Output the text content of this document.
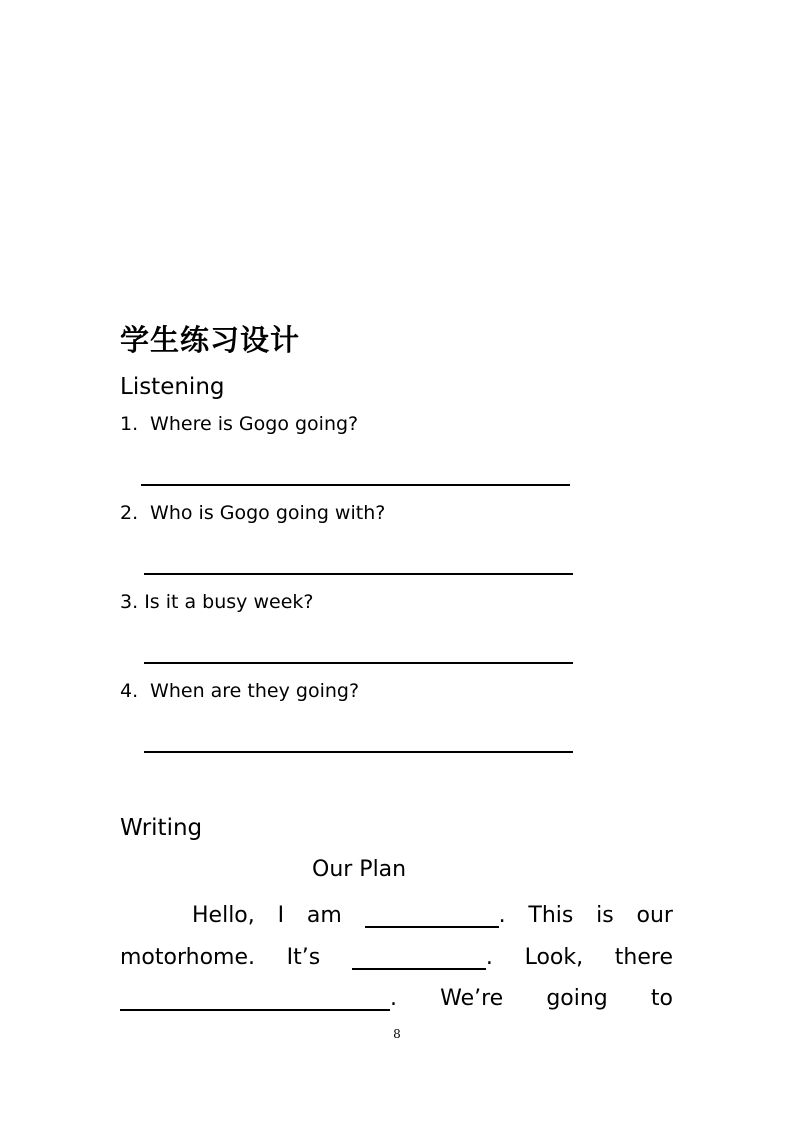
学生练习设计
Listening
1. Where is Gogo going?
2. Who is Gogo going with?
3. Is it a busy week?
4. When are they going?
Writing
Our Plan
Hello, I am	. This is our
motorhome. It’s	. Look, there
. We’re going to
8
